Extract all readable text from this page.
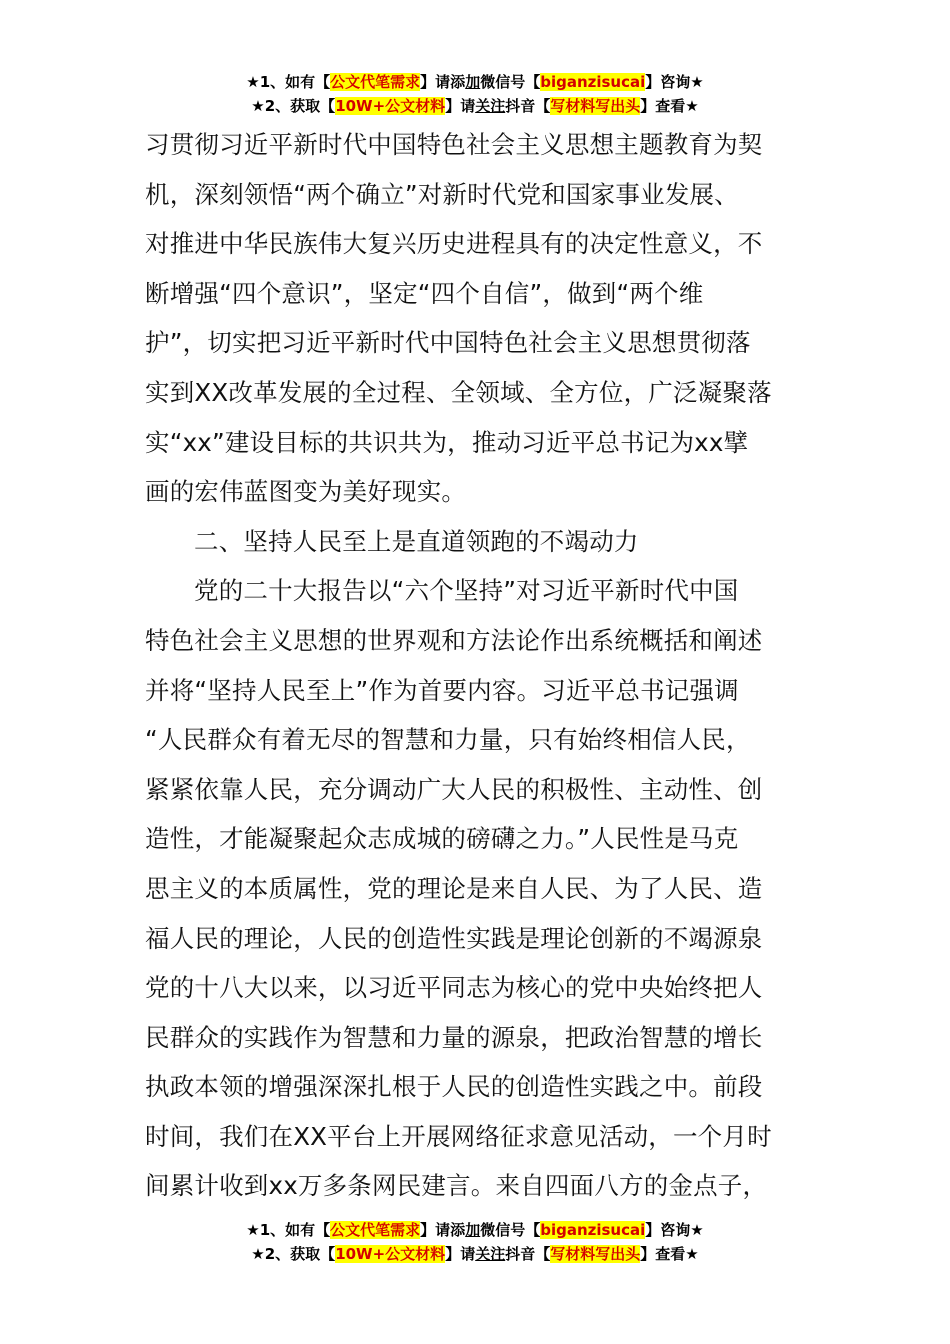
★1、如有【公文代笔需求】请添加微信号【biganzisucai】咨询★
★2、获取【10W+公文材料】请关注抖音【写材料写出头】查看★

习贯彻习近平新时代中国特色社会主义思想主题教育为契
机，深刻领悟“两个确立”对新时代党和国家事业发展、
对推进中华民族伟大复兴历史进程具有的决定性意义，不
断增强“四个意识”，坚定“四个自信”，做到“两个维
护”，切实把习近平新时代中国特色社会主义思想贯彻落
实到XX改革发展的全过程、全领域、全方位，广泛凝聚落
实“xx”建设目标的共识共为，推动习近平总书记为xx擘
画的宏伟蓝图变为美好现实。

二、坚持人民至上是直道领跑的不竭动力

党的二十大报告以“六个坚持”对习近平新时代中国
特色社会主义思想的世界观和方法论作出系统概括和阐述
并将“坚持人民至上”作为首要内容。习近平总书记强调
“人民群众有着无尽的智慧和力量，只有始终相信人民，
紧紧依靠人民，充分调动广大人民的积极性、主动性、创
造性，才能凝聚起众志成城的磅礴之力。”人民性是马克
思主义的本质属性，党的理论是来自人民、为了人民、造
福人民的理论，人民的创造性实践是理论创新的不竭源泉
党的十八大以来，以习近平同志为核心的党中央始终把人
民群众的实践作为智慧和力量的源泉，把政治智慧的增长
执政本领的增强深深扎根于人民的创造性实践之中。前段
时间，我们在XX平台上开展网络征求意见活动，一个月时
间累计收到xx万多条网民建言。来自四面八方的金点子，

★1、如有【公文代笔需求】请添加微信号【biganzisucai】咨询★
★2、获取【10W+公文材料】请关注抖音【写材料写出头】查看★
